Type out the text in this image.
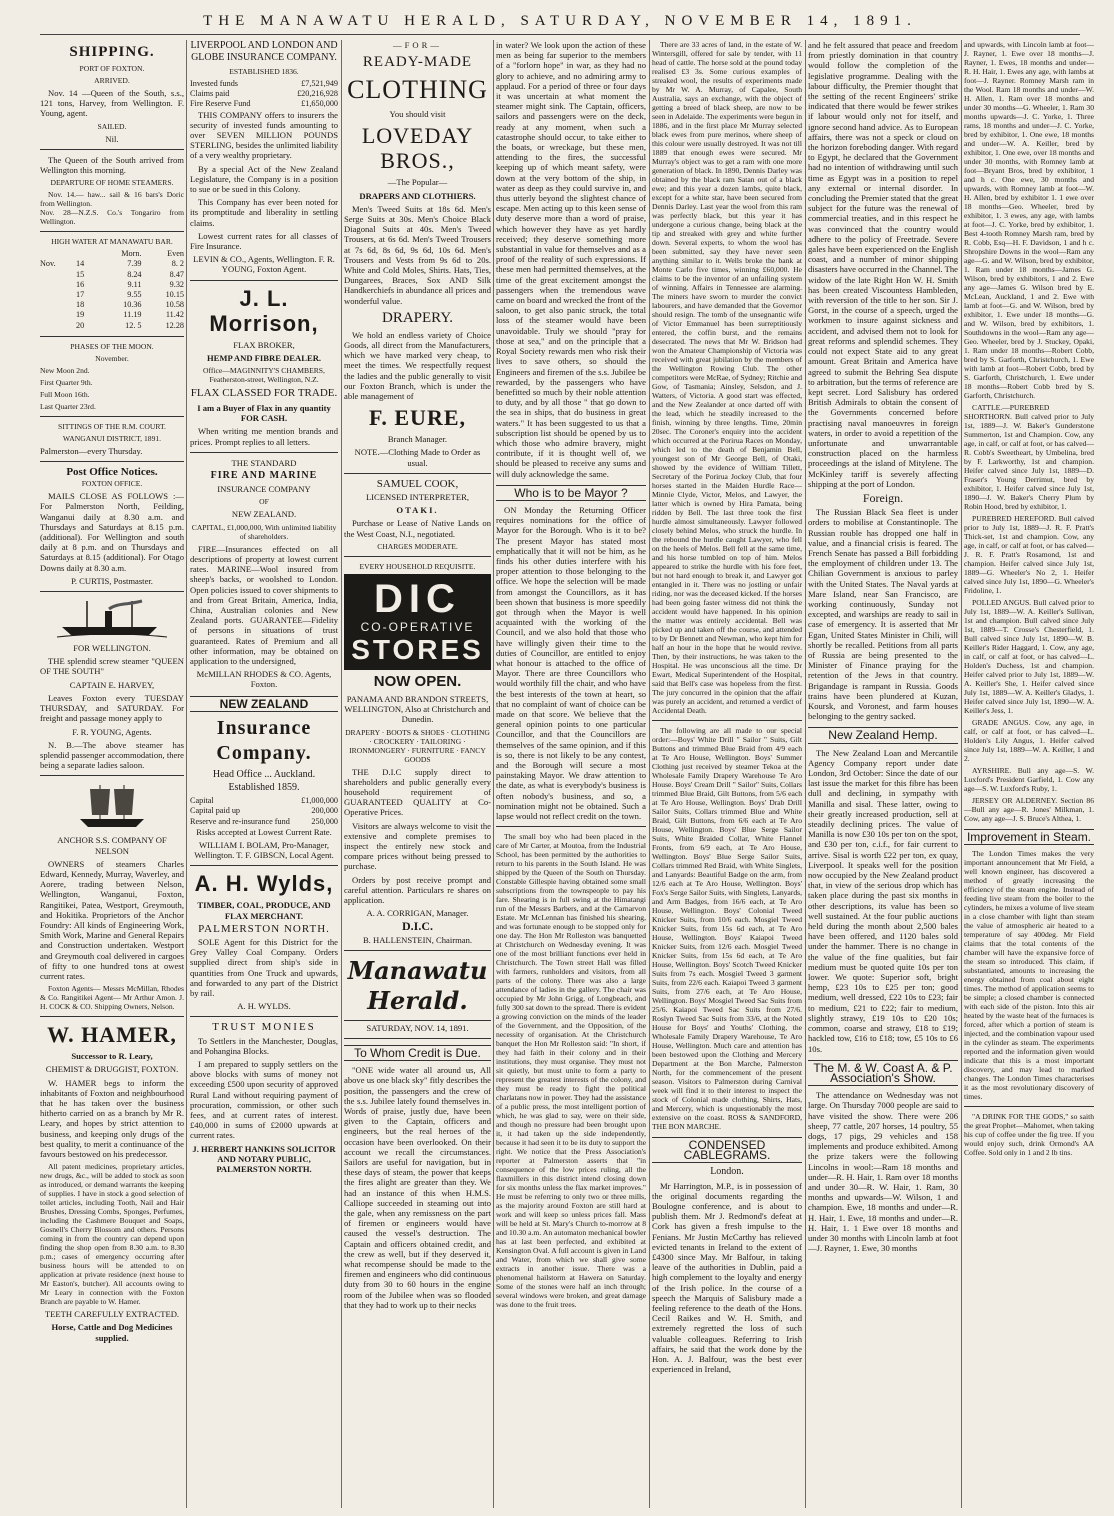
THE MANAWATU HERALD, SATURDAY, NOVEMBER 14, 1891.
SHIPPING.

PORT OF FOXTON.

ARRIVED.

Nov. 14 —Queen of the South, s.s., 121 tons, Harvey, from Wellington. F. Young, agent.

SAILED.

Nil.

The Queen of the South arrived from Wellington this morning.

DEPARTURE OF HOME STEAMERS.

Nov. 14.— haw... sail & 16 bars's Doric from Wellington.
Nov. 28—N.Z.S. Co.'s Tongariro from Wellington.

HIGH WATER AT MANAWATU BAR.

		Morn.	Even
Nov.	14	7.39	8. 2
	15	8.24	8.47
	16	9.11	9.32
	17	9.55	10.15
	18	10.36	10.58
	19	11.19	11.42
	20	12. 5	12.28

PHASES OF THE MOON.

November.

New Moon 2nd.

First Quarter 9th.

Full Moon 16th.

Last Quarter 23rd.

SITTINGS OF THE R.M. COURT.

WANGANUI DISTRICT, 1891.

Palmerston—every Thursday.

Post Office Notices.

FOXTON OFFICE.

MAILS CLOSE AS FOLLOWS :— For Palmerston North, Feilding, Wanganui daily at 8.30 a.m. and Thursdays and Saturdays at 8.15 p.m. (additional). For Wellington and south daily at 8 p.m. and on Thursdays and Saturdays at 8.15 (additional). For Otago Downs daily at 8.30 a.m.

P. CURTIS, Postmaster.

FOR WELLINGTON.

THE splendid screw steamer "QUEEN OF THE SOUTH"

CAPTAIN E. HARVEY,

Leaves Foxton every TUESDAY THURSDAY, and SATURDAY. For freight and passage money apply to

F. R. YOUNG, Agents.

N. B.—The above steamer has splendid passenger accommodation, there being a separate ladies saloon.

ANCHOR S.S. COMPANY OF NELSON

OWNERS of steamers Charles Edward, Kennedy, Murray, Waverley, and Aorere, trading between Nelson, Wellington, Wanganui, Foxton, Rangitikei, Patea, Westport, Greymouth, and Hokitika. Proprietors of the Anchor Foundry: All kinds of Engineering Work, Smith Work, Marine and General Repairs and Construction undertaken. Westport and Greymouth coal delivered in cargoes of fifty to one hundred tons at owest current rates.

Foxton Agents— Messrs McMillan, Rhodes & Co. Rangitikei Agent— Mr Arthur Amon. J. H. COCK & CO. Shipping Owners, Nelson.

W. HAMER,

Successor to R. Leary,

CHEMIST & DRUGGIST, FOXTON.

W. HAMER begs to inform the inhabitants of Foxton and neighbourhood that he has taken over the business hitherto carried on as a branch by Mr R. Leary, and hopes by strict attention to business, and keeping only drugs of the best quality, to merit a continuance of the favours bestowed on his predecessor.

All patent medicines, proprietary articles, new drugs, &c., will be added to stock as soon as introduced, or demand warrants the keeping of supplies. I have in stock a good selection of toilet articles, including Tooth, Nail and Hair Brushes, Dressing Combs, Sponges, Perfumes, including the Cashmere Bouquet and Soaps, Gosnell's Cherry Blossom and others. Persons coming in from the country can depend upon finding the shop open from 8.30 a.m. to 8.30 p.m.; cases of emergency occurring after business hours will be attended to on application at private residence (next house to Mr Easton's, butcher). All accounts owing to Mr Leary in connection with the Foxton Branch are payable to W. Hamer.

TEETH CAREFULLY EXTRACTED.

Horse, Cattle and Dog Medicines supplied.

LIVERPOOL AND LONDON AND GLOBE INSURANCE COMPANY.

ESTABLISHED 1836.

Invested funds	£7,521,949
Claims paid	£20,216,928
Fire Reserve Fund	£1,650,000

THIS COMPANY offers to insurers the security of invested funds amounting to over SEVEN MILLION POUNDS STERLING, besides the unlimited liability of a very wealthy proprietary.

By a special Act of the New Zealand Legislature, the Company is in a position to sue or be sued in this Colony.

This Company has ever been noted for its promptitude and liberality in settling claims.

Lowest current rates for all classes of Fire Insurance.

LEVIN & CO., Agents, Wellington. F. R. YOUNG, Foxton Agent.

J. L. Morrison,

FLAX BROKER,

HEMP AND FIBRE DEALER.

Office—MAGINNITY'S CHAMBERS, Featherston-street, Wellington, N.Z.

FLAX CLASSED FOR TRADE.

I am a Buyer of Flax in any quantity FOR CASH.

When writing me mention brands and prices. Prompt replies to all letters.

THE STANDARD

FIRE AND MARINE

INSURANCE COMPANY

OF

NEW ZEALAND.

CAPITAL, £1,000,000, With unlimited liability of shareholders.

FIRE—Insurances effected on all descriptions of property at lowest current rates. MARINE—Wool insured from sheep's backs, or woolshed to London. Open policies issued to cover shipments to and from Great Britain, America, India, China, Australian colonies and New Zealand ports. GUARANTEE—Fidelity of persons in situations of trust guaranteed. Rates of Premium and all other information, may be obtained on application to the undersigned,

McMILLAN RHODES & CO. Agents, Foxton.

NEW ZEALAND
Insurance Company.

Head Office ... Auckland.

Established 1859.

Capital	£1,000,000
Capital paid up	200,000
Reserve and re-insurance fund	250,000

Risks accepted at Lowest Current Rate.

WILLIAM I. BOLAM, Pro-Manager, Wellington. T. F. GIBSCN, Local Agent.

A. H. Wylds,

TIMBER, COAL, PRODUCE, AND FLAX MERCHANT.

PALMERSTON NORTH.

SOLE Agent for this District for the Grey Valley Coal Company. Orders supplied direct from ship's side in quantities from One Truck and upwards, and forwarded to any part of the District by rail.

A. H. WYLDS.

TRUST MONIES

To Settlers in the Manchester, Douglas, and Pohangina Blocks.

I am prepared to supply settlers on the above blocks with sums of money not exceeding £500 upon security of approved Rural Land without requiring payment of procuration, commission, or other such fees, and at current rates of interest. £40,000 in sums of £2000 upwards at current rates.

J. HERBERT HANKINS SOLICITOR AND NOTARY PUBLIC, PALMERSTON NORTH.

—FOR—

READY-MADE
CLOTHING

You should visit

LOVEDAY BROS.,

—The Popular—

DRAPERS AND CLOTHIERS.

Men's Tweed Suits at 18s 6d. Men's Serge Suits at 30s. Men's Choice Black Diagonal Suits at 40s. Men's Tweed Trousers, at 6s 6d. Men's Tweed Trousers at 7s 6d, 8s 6d, 9s 6d, 10s 6d. Men's Trousers and Vests from 9s 6d to 20s. White and Cold Moles, Shirts. Hats, Ties, Dungarees, Braces, Sox AND Silk Handkerchiefs in abundance all prices and wonderful value.

DRAPERY.

We hold an endless variety of Choice Goods, all direct from the Manufacturers, which we have marked very cheap, to meet the times. We respectfully request the ladies and the public generally to visit our Foxton Branch, which is under the able management of

F. EURE,

Branch Manager.

NOTE.—Clothing Made to Order as usual.

SAMUEL COOK,

LICENSED INTERPRETER,

OTAKI.

Purchase or Lease of Native Lands on the West Coast, N.I., negotiated.

CHARGES MODERATE.

EVERY HOUSEHOLD REQUISITE.

DIC
CO-OPERATIVE
STORES
NOW OPEN.

PANAMA AND BRANDON STREETS, WELLINGTON, Also at Christchurch and Dunedin.

DRAPERY · BOOTS & SHOES · CLOTHING · CROCKERY · TAILORING · IRONMONGERY · FURNITURE · FANCY GOODS

THE D.I.C supply direct to shareholders and public generally every household requirement of GUARANTEED QUALITY at Co-Operative Prices.

Visitors are always welcome to visit the extensive and complete premises to inspect the entirely new stock and compare prices without being pressed to purchase.

Orders by post receive prompt and careful attention. Particulars re shares on application.

A. A. CORRIGAN, Manager.

D.I.C.

B. HALLENSTEIN, Chairman.

Manawatu Herald.

SATURDAY, NOV. 14, 1891.

To Whom Credit is Due.

"ONE wide water all around us, All above us one black sky" fitly describes the position, the passengers and the crew of the s.s. Jubilee lately found themselves in. Words of praise, justly due, have been given to the Captain, officers and engineers, but the real heroes of the occasion have been overlooked. On their account we recall the circumstances. Sailors are useful for navigation, but in these days of steam, the power that keeps the fires alight are greater than they. We had an instance of this when H.M.S. Calliope succeeded in steaming out into the gale, when any remissness on the part of firemen or engineers would have caused the vessel's destruction. The Captain and officers obtained credit, and the crew as well, but if they deserved it, what recompense should be made to the firemen and engineers who did continuous duty from 30 to 60 hours in the engine room of the Jubilee when was so flooded that they had to work up to their necks

in water? We look upon the action of these men as being far superior to the members of a "forlorn hope" in war, as they had no glory to achieve, and no admiring army to applaud. For a period of three or four days it was uncertain at what moment the steamer might sink. The Captain, officers, sailors and passengers were on the deck, ready at any moment, when such a catastrophe should occur, to take either to the boats, or wreckage, but these men, attending to the fires, the successful keeping up of which meant safety, were down at the very bottom of the ship, in water as deep as they could survive in, and thus utterly beyond the slightest chance of escape. Men acting up to this keen sense of duty deserve more than a word of praise, which however they have as yet hardly received; they deserve something more substantial in value for themselves and as a proof of the reality of such expressions. If these men had permitted themselves, at the time of the great excitement amongst the passengers when the tremendous wave came on board and wrecked the front of the saloon, to get also panic struck, the total loss of the steamer would have been unavoidable. Truly we should "pray for those at sea," and on the principle that a Royal Society rewards men who risk their lives to save others, so should the Engineers and firemen of the s.s. Jubilee be rewarded, by the passengers who have benefitted so much by their noble attention to duty, and by all those " that go down to the sea in ships, that do business in great waters." It has been suggested to us that a subscription list should be opened by us to which those who admire bravery, might contribute, if it is thought well of, we should be pleased to receive any sums and will duly acknowledge the same.

Who is to be Mayor ?

ON Monday the Returning Officer requires nominations for the office of Mayor for the Borough. Who is it to be? The present Mayor has stated most emphatically that it will not be him, as he finds his other duties interfere with his proper attention to those belonging to the office. We hope the selection will be made from amongst the Councillors, as it has been shown that business is more speedily got through when the Mayor is well acquainted with the working of the Council, and we also hold that those who have willingly given their time to the duties of Councillor, are entitled to enjoy what honour is attached to the office of Mayor. There are three Councillors who would worthily fill the chair, and who have the best interests of the town at heart, so that no complaint of want of choice can be made on that score. We believe that the general opinion points to one particular Councillor, and that the Councillors are themselves of the same opinion, and if this is so, there is not likely to be any contest, and the Borough will secure a most painstaking Mayor. We draw attention to the date, as what is everybody's business is often nobody's business, and so, a nomination might not be obtained. Such a lapse would not reflect credit on the town.

The small boy who had been placed in the care of Mr Carter, at Moutoa, from the Industrial School, has been permitted by the authorities to return to his parents in the South Island. He was shipped by the Queen of the South on Thursday. Constable Gillespie having obtained some small subscriptions from the townspeople to pay his fare. Shearing is in full swing at the Himatangi run of the Messrs Barbers, and at the Carnarvon Estate. Mr McLennan has finished his shearing, and was fortunate enough to be stopped only for one day. The Hon Mr Rolleston was banquetted at Christchurch on Wednesday evening. It was one of the most brilliant functions ever held in Christchurch. The Town street Hall was filled with farmers, runholders and visitors, from all parts of the colony. There was also a large attendance of ladies in the gallery. The chair was occupied by Mr John Grigg, of Longbeach, and fully 300 sat down to the spread. There is evident a growing conviction on the minds of the leader of the Government, and the Opposition, of the necessity of organisation. At the Christchurch banquet the Hon Mr Rolleston said: "In short, if they had faith in their colony and in their institutions, they must organise. They must not sit quietly, but must unite to form a party to represent the greatest interests of the colony, and they must be ready to fight the political charlatans now in power. They had the assistance of a public press, the most intelligent portion of which, he was glad to say, were on their side, and though no pressure had been brought upon it, it had taken up the side independently, because it had seen it to be its duty to support the right. We notice that the Press Association's reporter at Palmerston asserts that "in consequence of the low prices ruling, all the flaxmillers in this district intend closing down for six months unless the flax market improves." He must be referring to only two or three mills, as the majority around Foxton are still hard at work and will keep so unless prices fall. Mass will be held at St. Mary's Church to-morrow at 8 and 10.30 a.m. An automaton mechanical bowler has at last been perfected, and exhibited at Kensington Oval. A full account is given in Land and Water, from which we shall give some extracts in another issue. There was a phenomenal hailstorm at Hawera on Saturday. Some of the stones were half an inch through; several windows were broken, and great damage was done to the fruit trees.

There are 33 acres of land, in the estate of W. Wintersgill, offered for sale by tender, with 11 head of cattle. The horse sold at the pound today realised £3 3s. Some curious examples of streaked wool, the results of experiments made by Mr W. A. Murray, of Capalee, South Australia, says an exchange, with the object of getting a breed of black sheep, are now to be seen in Adelaide. The experiments were begun in 1886, and in the first place Mr Murray selected black ewes from pure merinos, where sheep of this colour were usually destroyed. It was not till 1889 that enough ewes were secured. Mr Murray's object was to get a ram with one more generation of black. In 1890, Dennis Darley was obtained by the black ram Satan out of a black ewe; and this year a dozen lambs, quite black, except for a white star, have been secured from Dennis Darley. Last year the wool from this ram was perfectly black, but this year it has undergone a curious change, being black at the tip and streaked with grey and white further down. Several experts, to whom the wool has been submitted, say they have never seen anything similar to it. Wells broke the bank at Monte Carlo five times, winning £60,000. He claims to be the inventor of an unfailing system of winning. Affairs in Tennessee are alarming. The miners have sworn to murder the convict labourers, and have demanded that the Governor should resign. The tomb of the unsegnantic wife of Victor Emmanuel has been surreptitiously entered, the coffin burst, and the remains desecrated. The news that Mr W. Bridson had won the Amateur Championship of Victoria was received with great jubilation by the members of the Wellington Rowing Club. The other competitors were McRae, of Sydney; Ritchie and Gow, of Tasmania; Ainsley, Selsdon, and J. Watters, of Victoria. A good start was effected, and the New Zealander at once darted off with the lead, which he steadily increased to the finish, winning by three lengths. Time, 20min 20sec. The Coroner's enquiry into the accident which occurred at the Porirua Races on Monday, which led to the death of Benjamin Bell, youngest son of Mr George Bell, of Otaki, showed by the evidence of William Tillett, Secretary of the Porirua Jockey Club, that four horses started in the Maiden Hurdle Race—Minnie Clyde, Victor, Melos, and Lawyer, the latter which is owned by Hira Pamata, being ridden by Bell. The last three took the first hurdle almost simultaneously. Lawyer followed closely behind Melos, who struck the hurdle. In the rebound the hurdle caught Lawyer, who fell on the heels of Melos. Bell fell at the same time, and his horse tumbled on top of him. Melos appeared to strike the hurdle with his fore feet, but not hard enough to break it, and Lawyer got entangled in it. There was no jostling or unfair riding, nor was the deceased kicked. If the horses had been going faster witness did not think the accident would have happened. In his opinion the matter was entirely accidental. Bell was picked up and taken off the course, and attended to by Dr Bennett and Newman, who kept him for half an hour in the hope that he would revive. Then, by their instructions, he was taken to the Hospital. He was unconscious all the time. Dr Ewart, Medical Superintendent of the Hospital, said that Bell's case was hopeless from the first. The jury concurred in the opinion that the affair was purely an accident, and returned a verdict of Accidental Death.

The following are all made to our special order:—Boys' White Drill " Sailor " Suits, Gilt Buttons and trimmed Blue Braid from 4/9 each at Te Aro House, Wellington. Boys' Summer Clothing just received by steamer Tekoa at the Wholesale Family Drapery Warehouse Te Aro House. Boys' Cream Drill " Sailor" Suits, Collars trimmed Blue Braid, Gilt Buttons, from 5/6 each at Te Aro House, Wellington. Boys' Drab Drill Sailor Suits, Collars trimmed Blue and White Braid, Gilt Buttons, from 6/6 each at Te Aro House, Wellington. Boys' Blue Serge Sailor Suits, White Braided Collar, White Flannel Fronts, from 6/9 each, at Te Aro House, Wellington. Boys' Blue Serge Sailor Suits, Collars trimmed Red Braid, with White Singlets, and Lanyards: Beautiful Badge on the arm, from 12/6 each at Te Aro House, Wellington. Boys' Fox's Serge Sailor Suits, with Singlets, Lanyards, and Arm Badges, from 16/6 each, at Te Aro House, Wellington. Boys' Colonial Tweed Knicker Suits, from 10/6 each. Mosgiel Tweed Knicker Suits, from 15s 6d each, at Te Aro House, Wellington. Boys' Kaiapoi Tweed Knicker Suits, from 12/6 each. Mosgiel Tweed Knicker Suits, from 15s 6d each, at Te Aro House, Wellington. Boys' Scotch Tweed Knicker Suits from 7s each. Mosgiel Tweed 3 garment Suits, from 22/6 each. Kaiapoi Tweed 3 garment Suits, from 27/6 each, at Te Aro House, Wellington. Boys' Mosgiel Tweed Sac Suits from 25/6. Kaiapoi Tweed Sac Suits from 27/6. Roslyn Tweed Sac Suits from 33/6, at the Noted House for Boys' and Youths' Clothing, the Wholesale Family Drapery Warehouse, Te Aro House, Wellington. Much care and attention has been bestowed upon the Clothing and Mercery Department at the Bon Marche, Palmerston North, for the commencement of the present season. Visitors to Palmerston during Carnival week will find it to their interest to inspect the stock of Colonial made clothing, Shirts, Hats, and Mercery, which is unquestionably the most extensive on the coast. ROSS & SANDFORD, THE BON MARCHE.

CONDENSED CABLEGRAMS.

London.

Mr Harrington, M.P., is in possession of the original documents regarding the Boulogne conference, and is about to publish them. Mr J. Redmond's defeat at Cork has given a fresh impulse to the Fenians. Mr Justin McCarthy has relieved evicted tenants in Ireland to the extent of £4300 since May. Mr Balfour, in taking leave of the authorities in Dublin, paid a high complement to the loyalty and energy of the Irish police. In the course of a speech the Marquis of Salisbury made a feeling reference to the death of the Hons. Cecil Raikes and W. H. Smith, and extremely regretted the loss of such valuable colleagues. Referring to Irish affairs, he said that the work done by the Hon. A. J. Balfour, was the best ever experienced in Ireland,

and he felt assured that peace and freedom from priestly domination in that country would follow the completion of the legislative programme. Dealing with the labour difficulty, the Premier thought that the setting of the recent Engineers' strike indicated that there would be fewer strikes if labour would only not for itself, and ignore second hand advice. As to European affairs, there was not a speck or cloud on the horizon foreboding danger. With regard to Egypt, he declared that the Government had no intention of withdrawing until such time as Egypt was in a position to repel any external or internal disorder. In concluding the Premier stated that the great subject for the future was the renewal of commercial treaties, and in this respect he was convinced that the country would adhere to the policy of Freetrade. Severe gales have been experienced on the English coast, and a number of minor shipping disasters have occurred in the Channel. The widow of the late Right Hon W. H. Smith has been created Viscountess Hambleden, with reversion of the title to her son. Sir J. Gorst, in the course of a speech, urged the workmen to insure against sickness and accident, and advised them not to look for great reforms and splendid schemes. They could not expect State aid to any great amount. Great Britain and America have agreed to submit the Behring Sea dispute to arbitration, but the terms of reference are kept secret. Lord Salisbury has ordered British Admirals to obtain the consent of the Governments concerned before practising naval manoeuvres in foreign waters, in order to avoid a repetition of the unfortunate and unwarrantable construction placed on the harmless proceedings at the island of Mitylene. The McKinley tariff is severely affecting shipping at the port of London.

Foreign.

The Russian Black Sea fleet is under orders to mobilise at Constantinople. The Russian rouble has dropped one half in value, and a financial crisis is feared. The French Senate has passed a Bill forbidding the employment of children under 13. The Chilian Government is anxious to parley with the United States. The Naval yards at Mare Island, near San Francisco, are working continuously, Sunday not excepted, and warships are ready to sail in case of emergency. It is asserted that Mr Egan, United States Minister in Chili, will shortly be recalled. Petitions from all parts of Russia are being presented to the Minister of Finance praying for the retention of the Jews in that country. Brigandage is rampant in Russia. Goods trains have been plundered at Kuzan, Koursk, and Voronest, and farm houses belonging to the gentry sacked.

New Zealand Hemp.

The New Zealand Loan and Mercantile Agency Company report under date London, 3rd October: Since the date of our last issue the market for this fibre has been dull and declining, in sympathy with Manilla and sisal. These latter, owing to their greatly increased production, sell at steadily declining prices. The value of Manilla is now £30 10s per ton on the spot, and £30 per ton, c.i.f., for fair current to arrive. Sisal is worth £22 per ton, ex quay, Liverpool. It speaks well for the position now occupied by the New Zealand product that, in view of the serious drop which has taken place during the past six months in other descriptions, its value has been so well sustained. At the four public auctions held during the month about 2,500 bales have been offered, and 1120 bales sold under the hammer. There is no change in the value of the fine qualities, but fair medium must be quoted quite 10s per ton lower. We quote: Superior soft, bright hemp, £23 10s to £25 per ton; good medium, well dressed, £22 10s to £23; fair to medium, £21 to £22; fair to medium, slightly strawy, £19 10s to £20 10s; common, coarse and strawy, £18 to £19; hackled tow, £16 to £18; tow, £5 10s to £6 10s.

The M. & W. Coast A. & P. Association's Show.

The attendance on Wednesday was not large. On Thursday 7000 people are said to have visited the show. There were 206 sheep, 77 cattle, 207 horses, 14 poultry, 55 dogs, 17 pigs, 29 vehicles and 158 implements and produce exhibited. Among the prize takers were the following Lincolns in wool:—Ram 18 months and under—R. H. Hair, 1. Ram over 18 months and under 30—R. W. Hair, 1. Ram, 30 months and upwards—W. Wilson, 1 and champion. Ewe, 18 months and under—R. H. Hair, 1. Ewe, 18 months and under—R. H. Hair, 1. 1 Ewe over 18 months and under 30 months with Lincoln lamb at foot—J. Rayner, 1. Ewe, 30 months

and upwards, with Lincoln lamb at foot—J. Rayner, 1. Ewe over 18 months—J. Rayner, 1. Ewes, 18 months and under—R. H. Hair, 1. Ewes any age, with lambs at foot—J. Rayner. Romney Marsh ram in the Wool. Ram 18 months and under—W. H. Allen, 1. Ram over 18 months and under 30 months—G. Wheeler, 1. Ram 30 months upwards—J. C. Yorke, 1. Three rams, 18 months and under—J. C. Yorke, bred by exhibitor, 1. One ewe, 18 months and under—W. A. Keiller, bred by exhibitor, 1. One ewe, over 18 months and under 30 months, with Romney lamb at foot—Bryant Bros, bred by exhibitor, 1 and h c. One ewe, 30 months and upwards, with Romney lamb at foot—W. H. Allen, bred by exhibitor 1. 1 ewe over 18 months—Geo. Wheeler, bred by exhibitor, 1. 3 ewes, any age, with lambs at foot—J. C. Yorke, bred by exhibitor, 1. Best 4-tooth Romney Marsh ram, bred by R. Cobb, Esq—H. F. Davidson, 1 and h c. Shropshire Downs in the wool—Ram any age—G. and W. Wilson, bred by exhibitor, 1. Ram under 18 months—James G. Wilson, bred by exhibitors, 1 and 2. Ewe any age—James G. Wilson bred by E. McLean, Auckland, 1 and 2. Ewe with lamb at foot—G. and W. Wilson, bred by exhibitor, 1. Ewe under 18 months—G. and W. Wilson, bred by exhibitors, 1. Southdowns in the wool—Ram any age—Geo. Wheeler, bred by J. Stuckey, Opaki, 1. Ram under 18 months—Robert Cobb, bred by S. Garforth, Christchurch, 1. Ewe with lamb at foot—Robert Cobb, bred by S. Garforth, Christchurch, 1. Ewe under 18 months—Robert Cobb bred by S. Garforth, Christchurch.

CATTLE.—PUREBRED SHORTHORN. Bull calved prior to July 1st, 1889—J. W. Baker's Gunderstone Summerton, 1st and Champion. Cow, any age, in calf, or calf at foot, or has calved—R. Cobb's Sweetheart, by Umbelina, bred by F. Larkworthy, 1st and champion. Heifer calved since July 1st, 1889—D. Fraser's Young Derrimut, bred by exhibitor, 1. Heifer calved since July 1st, 1890—J. W. Baker's Cherry Plum by Robin Hood, bred by exhibitor, 1.

PUREBRED HEREFORD. Bull calved prior to July 1st, 1889—J. R. F. Pratt's Thick-set, 1st and champion. Cow, any age, in calf, or calf at foot, or has calved—J. R. F. Pratt's Rosamond, 1st and champion. Heifer calved since July 1st, 1889—G. Wheeler's No 2, 1. Heifer calved since July 1st, 1890—G. Wheeler's Fridoline, 1.

POLLED ANGUS. Bull calved prior to July 1st, 1889—W. A. Keiller's Sullivan, 1st and champion. Bull calved since July 1st, 1889—T. Crosse's Chesterfield, 1. Bull calved since July 1st, 1890—W. B. Keiller's Rider Haggard, 1. Cow, any age, in calf, or calf at foot, or has calved—L. Holden's Duchess, 1st and champion. Heifer calved prior to July 1st, 1889—W. A. Keiller's She, 1. Heifer calved since July 1st, 1889—W. A. Keiller's Gladys, 1. Heifer calved since July 1st, 1890—W. A. Keiller's Jess, 1.

GRADE ANGUS. Cow, any age, in calf, or calf at foot, or has calved—L. Holden's Lily Angus, 1. Heifer calved since July 1st, 1889—W. A. Keiller, 1 and 2.

AYRSHIRE. Bull any age—S. W. Luxford's President Garfield, 1. Cow any age—S. W. Luxford's Ruby, 1.

JERSEY OR ALDERNEY. Section 86—Bull any age—R. Jones' Milkman, 1. Cow, any age—J. S. Bruce's Althea, 1.

Improvement in Steam.

The London Times makes the very important announcement that Mr Field, a well known engineer, has discovered a method of greatly increasing the efficiency of the steam engine. Instead of feeding live steam from the boiler to the cylinders, he mixes a volume of live steam in a close chamber with light than steam the value of atmospheric air heated to a temperature of say 400deg. Mr Field claims that the total contents of the chamber will have the expansive force of the steam so introduced. This claim, if substantiated, amounts to increasing the energy obtained from coal about eight times. The method of application seems to be simple; a closed chamber is connected with each side of the piston. Into this air heated by the waste heat of the furnaces is forced, after which a portion of steam is injected, and the combination vapour used in the cylinder as steam. The experiments reported and the information given would indicate that this is a most important discovery, and may lead to marked changes. The London Times characterises it as the most revolutionary discovery of times.

"A DRINK FOR THE GODS," so saith the great Prophet—Mahomet, when taking his cup of coffee under the fig tree. If you would enjoy such, drink Ormond's AA Coffee. Sold only in 1 and 2 lb tins.
